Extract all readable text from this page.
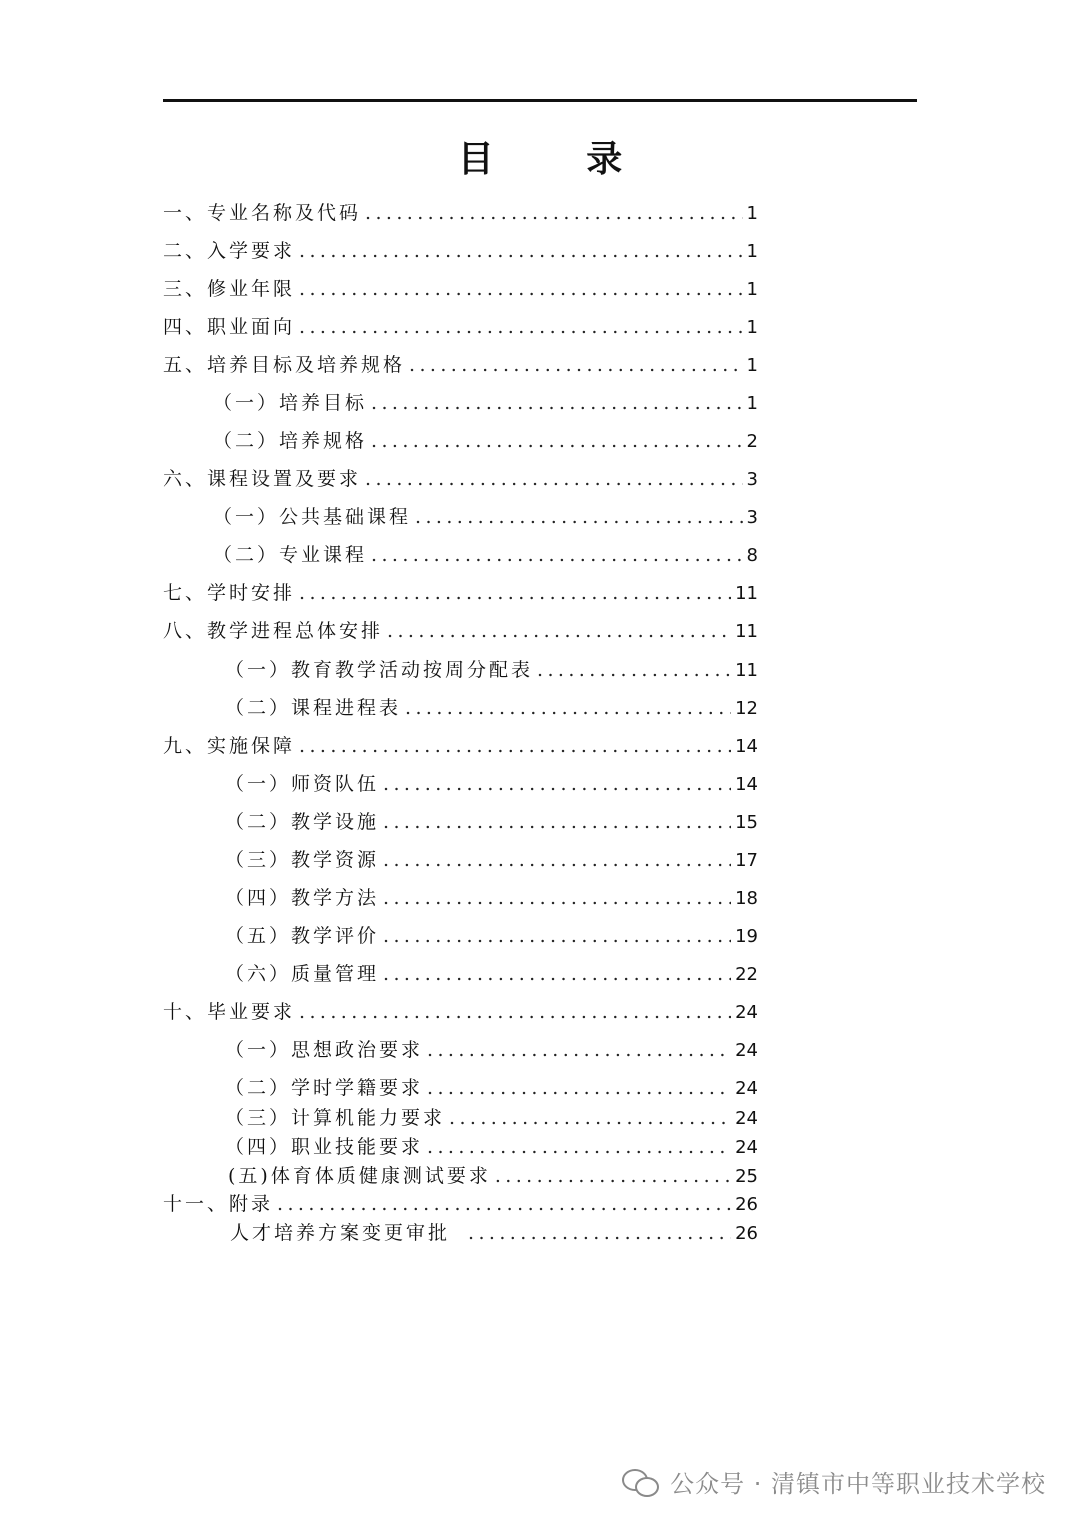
目 录
一、专业名称及代码 .....	1
二、入学要求 .....	1
三、修业年限 .....	1
四、职业面向 .....	1
五、培养目标及培养规格 .....	1
（一）培养目标 .....	1
（二）培养规格 .....	2
六、课程设置及要求 .....	3
（一）公共基础课程 .....	3
（二）专业课程 .....	8
七、学时安排 .....	11
八、教学进程总体安排 .....	11
（一）教育教学活动按周分配表 .....	11
（二）课程进程表 .....	12
九、实施保障 .....	14
（一）师资队伍 .....	14
（二）教学设施 .....	15
（三）教学资源 .....	17
（四）教学方法 .....	18
（五）教学评价 .....	19
（六）质量管理 .....	22
十、毕业要求 .....	24
（一）思想政治要求 .....	24
（二）学时学籍要求 .....	24
（三）计算机能力要求 .....	24
（四）职业技能要求 .....	24
(五)体育体质健康测试要求 .....	25
十一、附录 .....	26
人才培养方案变更审批 .....	26
公众号 · 清镇市中等职业技术学校
